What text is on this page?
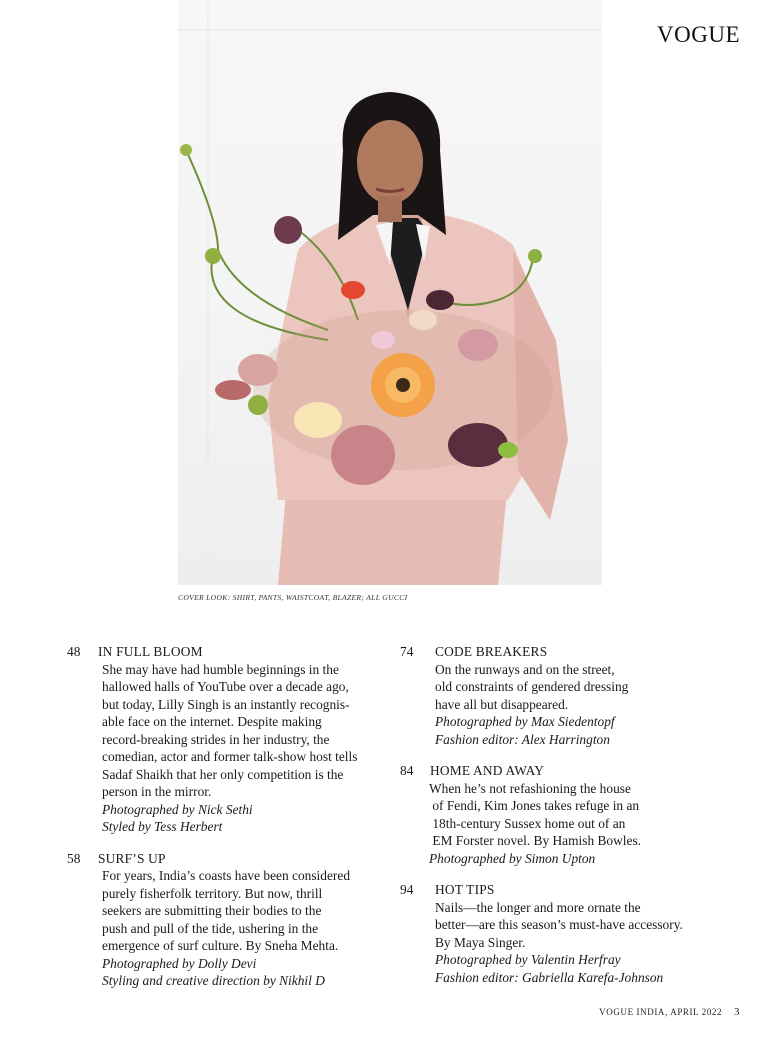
VOGUE
COVER LOOK: SHIRT, PANTS, WAISTCOAT, BLAZER; ALL GUCCI
48	IN FULL BLOOM
She may have had humble beginnings in the
hallowed halls of YouTube over a decade ago,
but today, Lilly Singh is an instantly recognis-
able face on the internet. Despite making
record-breaking strides in her industry, the
comedian, actor and former talk-show host tells
Sadaf Shaikh that her only competition is the
person in the mirror.
Photographed by Nick Sethi
Styled by Tess Herbert
58	SURF’S UP
For years, India’s coasts have been considered
purely fisherfolk territory. But now, thrill
seekers are submitting their bodies to the
push and pull of the tide, ushering in the
emergence of surf culture. By Sneha Mehta.
Photographed by Dolly Devi
Styling and creative direction by Nikhil D
74	CODE BREAKERS
On the runways and on the street,
old constraints of gendered dressing
have all but disappeared.
Photographed by Max Siedentopf
Fashion editor: Alex Harrington
84	HOME AND AWAY
When he’s not refashioning the house
of Fendi, Kim Jones takes refuge in an
18th-century Sussex home out of an
EM Forster novel. By Hamish Bowles.
Photographed by Simon Upton
94	HOT TIPS
Nails—the longer and more ornate the
better—are this season’s must-have accessory.
By Maya Singer.
Photographed by Valentin Herfray
Fashion editor: Gabriella Karefa-Johnson
VOGUE INDIA, APRIL 2022 3
